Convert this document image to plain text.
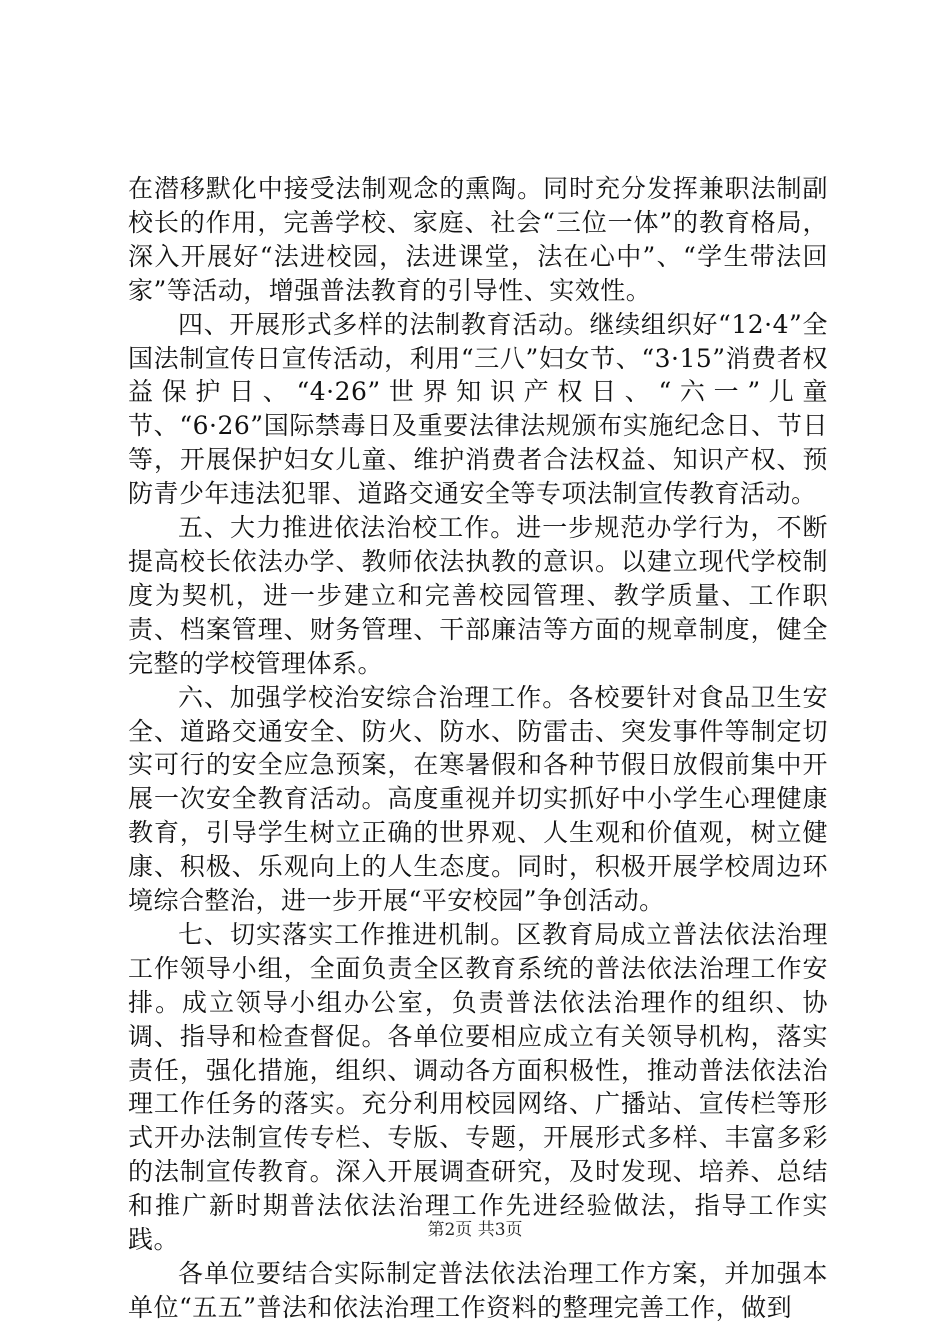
在潜移默化中接受法制观念的熏陶。同时充分发挥兼职法制副校长的作用，完善学校、家庭、社会“三位一体”的教育格局，深入开展好“法进校园，法进课堂，法在心中”、“学生带法回家”等活动，增强普法教育的引导性、实效性。

四、开展形式多样的法制教育活动。继续组织好“12·4”全国法制宣传日宣传活动，利用“三八”妇女节、“3·15”消费者权益保护日、“4·26”世界知识产权日、“六一”儿童节、“6·26”国际禁毒日及重要法律法规颁布实施纪念日、节日等，开展保护妇女儿童、维护消费者合法权益、知识产权、预防青少年违法犯罪、道路交通安全等专项法制宣传教育活动。

五、大力推进依法治校工作。进一步规范办学行为，不断提高校长依法办学、教师依法执教的意识。以建立现代学校制度为契机，进一步建立和完善校园管理、教学质量、工作职责、档案管理、财务管理、干部廉洁等方面的规章制度，健全完整的学校管理体系。

六、加强学校治安综合治理工作。各校要针对食品卫生安全、道路交通安全、防火、防水、防雷击、突发事件等制定切实可行的安全应急预案，在寒暑假和各种节假日放假前集中开展一次安全教育活动。高度重视并切实抓好中小学生心理健康教育，引导学生树立正确的世界观、人生观和价值观，树立健康、积极、乐观向上的人生态度。同时，积极开展学校周边环境综合整治，进一步开展“平安校园”争创活动。

七、切实落实工作推进机制。区教育局成立普法依法治理工作领导小组，全面负责全区教育系统的普法依法治理工作安排。成立领导小组办公室，负责普法依法治理作的组织、协调、指导和检查督促。各单位要相应成立有关领导机构，落实责任，强化措施，组织、调动各方面积极性，推动普法依法治理工作任务的落实。充分利用校园网络、广播站、宣传栏等形式开办法制宣传专栏、专版、专题，开展形式多样、丰富多彩的法制宣传教育。深入开展调查研究，及时发现、培养、总结和推广新时期普法依法治理工作先进经验做法，指导工作实践。

各单位要结合实际制定普法依法治理工作方案，并加强本单位“五五”普法和依法治理工作资料的整理完善工作，做到

第2页 共3页
